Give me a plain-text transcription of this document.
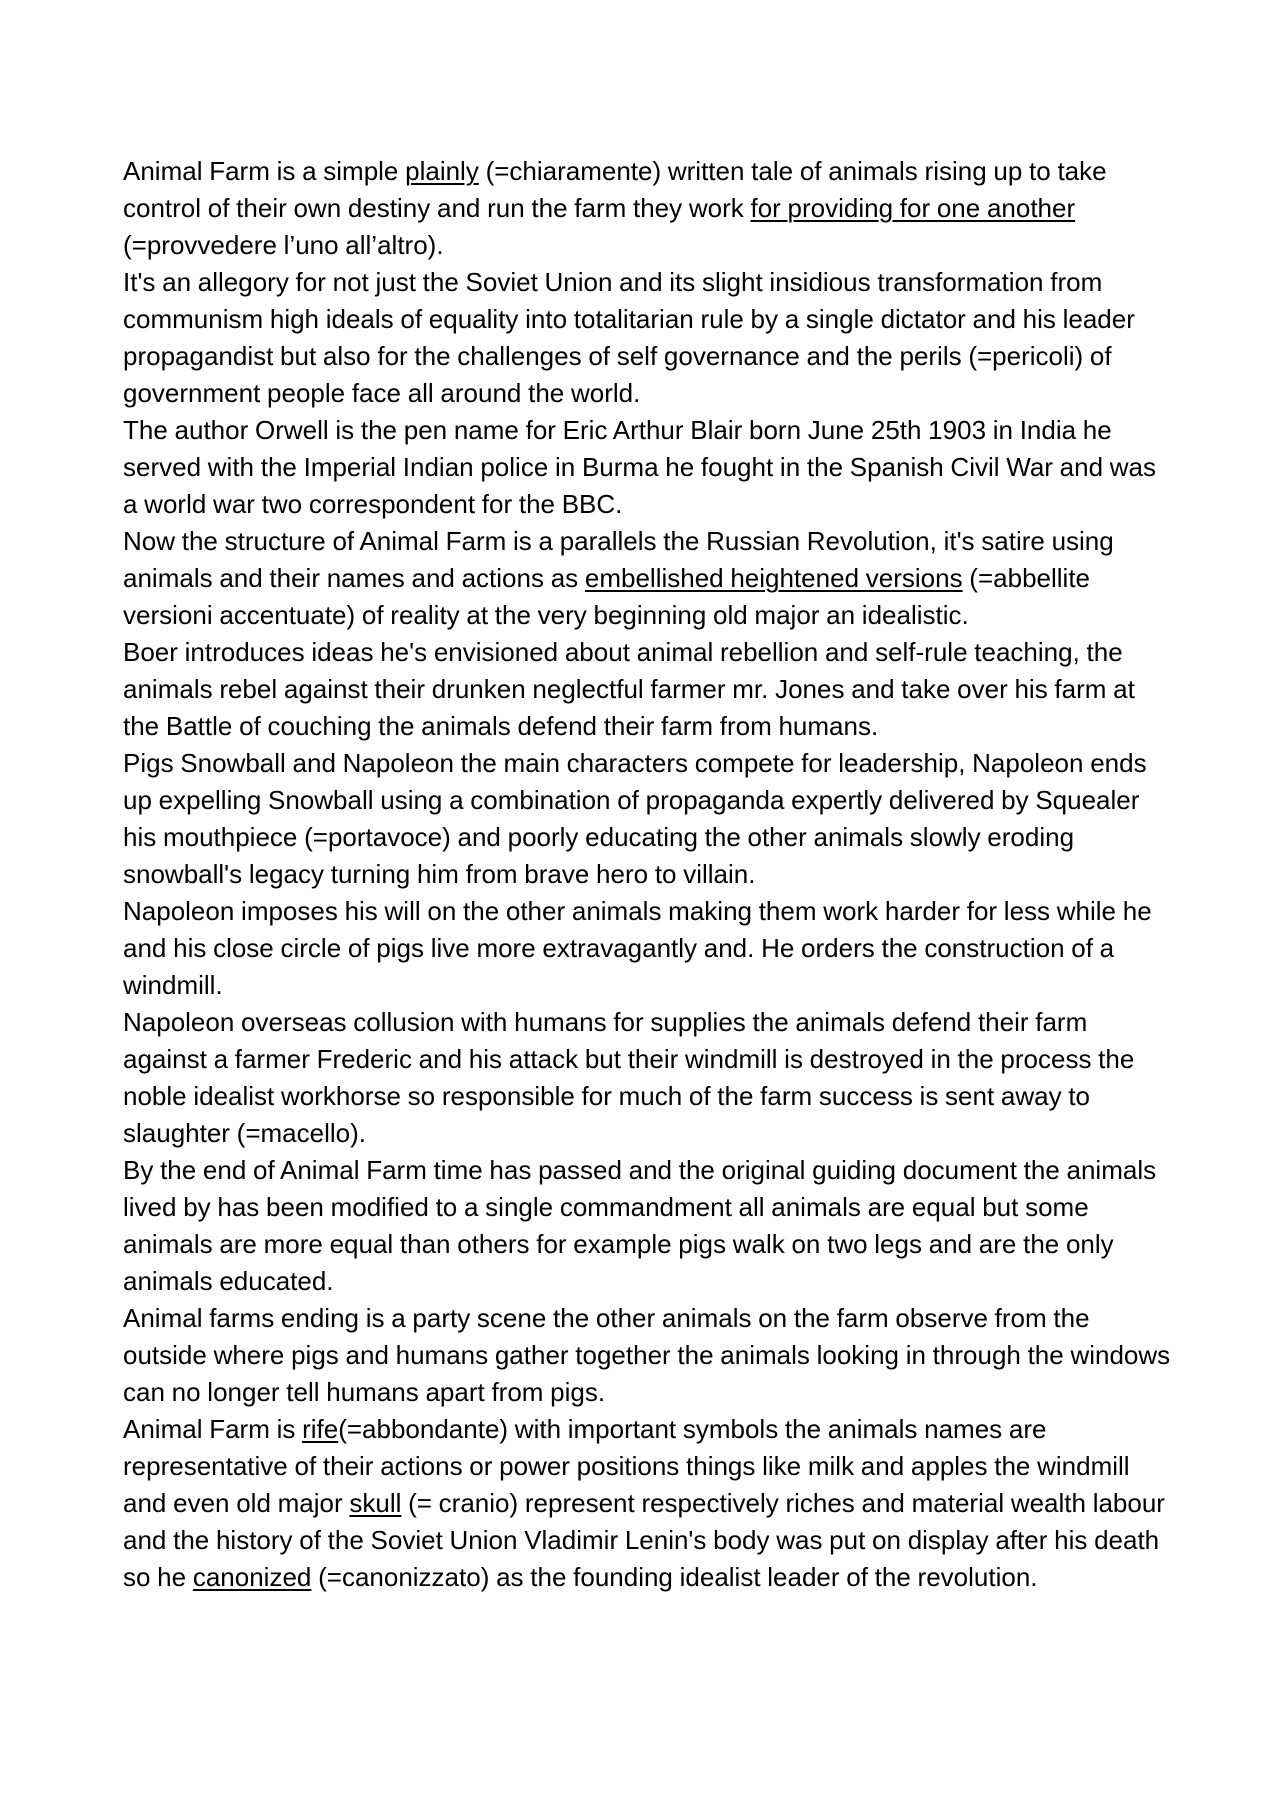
Animal Farm is a simple plainly (=chiaramente) written tale of animals rising up to take control of their own destiny and run the farm they work for providing for one another (=provvedere l’uno all’altro).

It's an allegory for not just the Soviet Union and its slight insidious transformation from communism high ideals of equality into totalitarian rule by a single dictator and his leader propagandist but also for the challenges of self governance and the perils (=pericoli) of government people face all around the world.

The author Orwell is the pen name for Eric Arthur Blair born June 25th 1903 in India he served with the Imperial Indian police in Burma he fought in the Spanish Civil War and was a world war two correspondent for the BBC.

Now the structure of Animal Farm is a parallels the Russian Revolution, it's satire using animals and their names and actions as embellished heightened versions (=abbellite versioni accentuate) of reality at the very beginning old major an idealistic.

Boer introduces ideas he's envisioned about animal rebellion and self-rule teaching, the animals rebel against their drunken neglectful farmer mr. Jones and take over his farm at the Battle of couching the animals defend their farm from humans.

Pigs Snowball and Napoleon the main characters compete for leadership, Napoleon ends up expelling Snowball using a combination of propaganda expertly delivered by Squealer his mouthpiece (=portavoce) and poorly educating the other animals slowly eroding snowball's legacy turning him from brave hero to villain.

Napoleon imposes his will on the other animals making them work harder for less while he and his close circle of pigs live more extravagantly and. He orders the construction of a windmill.

Napoleon overseas collusion with humans for supplies the animals defend their farm against a farmer Frederic and his attack but their windmill is destroyed in the process the noble idealist workhorse so responsible for much of the farm success is sent away to slaughter (=macello).

By the end of Animal Farm time has passed and the original guiding document the animals lived by has been modified to a single commandment all animals are equal but some animals are more equal than others for example pigs walk on two legs and are the only animals educated.

Animal farms ending is a party scene the other animals on the farm observe from the outside where pigs and humans gather together the animals looking in through the windows can no longer tell humans apart from pigs.

Animal Farm is rife(=abbondante) with important symbols the animals names are representative of their actions or power positions things like milk and apples the windmill and even old major skull (= cranio) represent respectively riches and material wealth labour and the history of the Soviet Union Vladimir Lenin's body was put on display after his death so he canonized (=canonizzato) as the founding idealist leader of the revolution.
